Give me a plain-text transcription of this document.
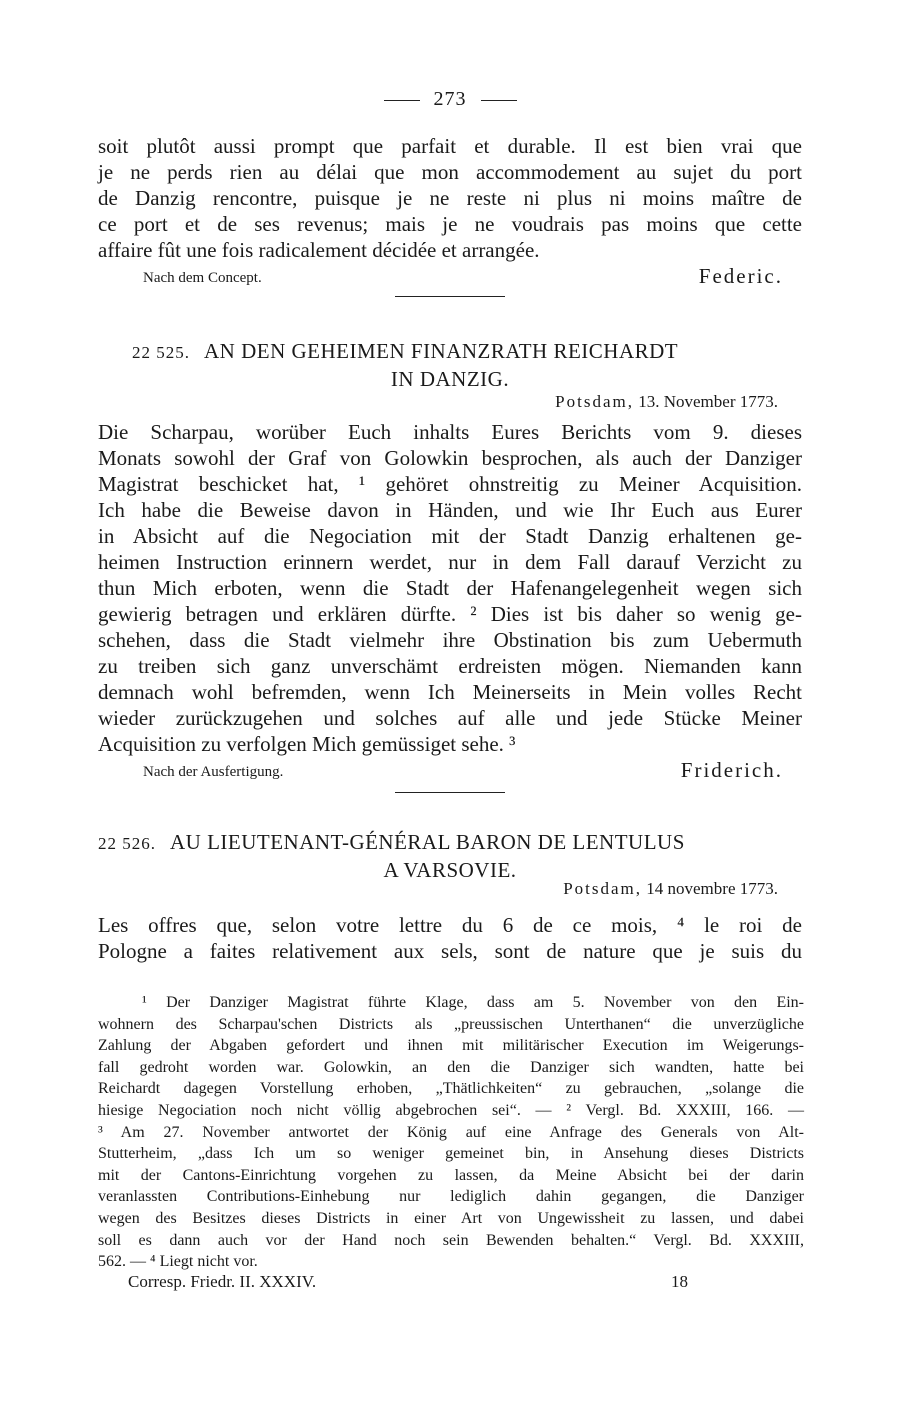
273
soit plutôt aussi prompt que parfait et durable. Il est bien vrai que
je ne perds rien au délai que mon accommodement au sujet du port
de Danzig rencontre, puisque je ne reste ni plus ni moins maître de
ce port et de ses revenus; mais je ne voudrais pas moins que cette
affaire fût une fois radicalement décidée et arrangée.
Nach dem Concept.	Federic.
22 525. AN DEN GEHEIMEN FINANZRATH REICHARDT
IN DANZIG.
Potsdam, 13. November 1773.
Die Scharpau, worüber Euch inhalts Eures Berichts vom 9. dieses
Monats sowohl der Graf von Golowkin besprochen, als auch der Danziger
Magistrat beschicket hat, ¹ gehöret ohnstreitig zu Meiner Acquisition.
Ich habe die Beweise davon in Händen, und wie Ihr Euch aus Eurer
in Absicht auf die Negociation mit der Stadt Danzig erhaltenen ge-
heimen Instruction erinnern werdet, nur in dem Fall darauf Verzicht zu
thun Mich erboten, wenn die Stadt der Hafenangelegenheit wegen sich
gewierig betragen und erklären dürfte. ² Dies ist bis daher so wenig ge-
schehen, dass die Stadt vielmehr ihre Obstination bis zum Uebermuth
zu treiben sich ganz unverschämt erdreisten mögen. Niemanden kann
demnach wohl befremden, wenn Ich Meinerseits in Mein volles Recht
wieder zurückzugehen und solches auf alle und jede Stücke Meiner
Acquisition zu verfolgen Mich gemüssiget sehe. ³
Nach der Ausfertigung.	Friderich.
22 526. AU LIEUTENANT-GÉNÉRAL BARON DE LENTULUS
A VARSOVIE.
Potsdam, 14 novembre 1773.
Les offres que, selon votre lettre du 6 de ce mois, ⁴ le roi de
Pologne a faites relativement aux sels, sont de nature que je suis du
¹ Der Danziger Magistrat führte Klage, dass am 5. November von den Ein-
wohnern des Scharpau'schen Districts als „preussischen Unterthanen“ die unverzügliche
Zahlung der Abgaben gefordert und ihnen mit militärischer Execution im Weigerungs-
fall gedroht worden war. Golowkin, an den die Danziger sich wandten, hatte bei
Reichardt dagegen Vorstellung erhoben, „Thätlichkeiten“ zu gebrauchen, „solange die
hiesige Negociation noch nicht völlig abgebrochen sei“. — ² Vergl. Bd. XXXIII, 166. —
³ Am 27. November antwortet der König auf eine Anfrage des Generals von Alt-
Stutterheim, „dass Ich um so weniger gemeinet bin, in Ansehung dieses Districts
mit der Cantons-Einrichtung vorgehen zu lassen, da Meine Absicht bei der darin
veranlassten Contributions-Einhebung nur lediglich dahin gegangen, die Danziger
wegen des Besitzes dieses Districts in einer Art von Ungewissheit zu lassen, und dabei
soll es dann auch vor der Hand noch sein Bewenden behalten.“ Vergl. Bd. XXXIII,
562. — ⁴ Liegt nicht vor.
Corresp. Friedr. II. XXXIV.	18
